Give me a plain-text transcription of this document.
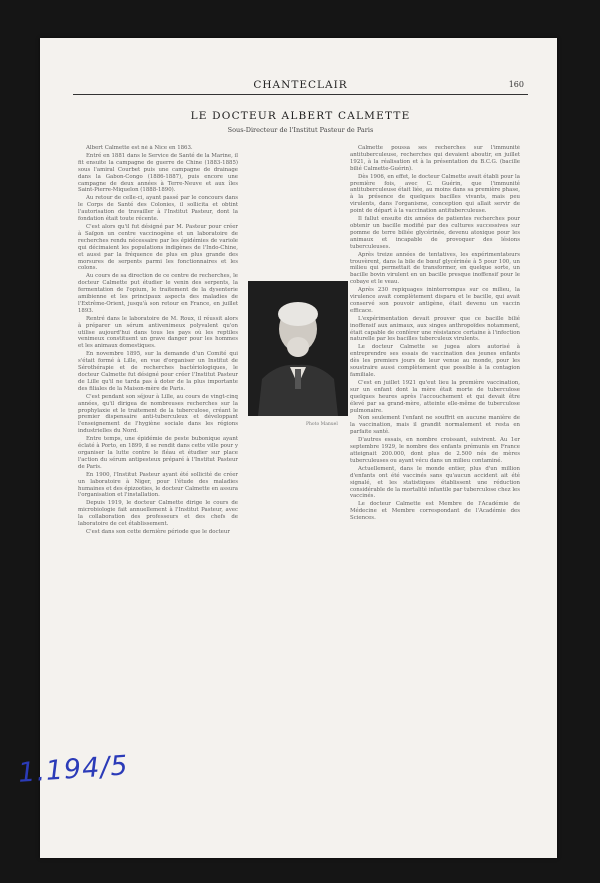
CHANTECLAIR	160
LE DOCTEUR ALBERT CALMETTE
Sous-Directeur de l'Institut Pasteur de Paris

Albert Calmette est né à Nice en 1863.

Entré en 1881 dans le Service de Santé de la Marine, il fit ensuite la campagne de guerre de Chine (1883-1885) sous l'amiral Courbet puis une campagne de drainage dans la Gabon-Congo (1886-1887), puis encore une campagne de deux années à Terre-Neuve et aux îles Saint-Pierre-Miquelon (1888-1890).

Au retour de celle-ci, ayant passé par le concours dans le Corps de Santé des Colonies, il sollicita et obtint l'autorisation de travailler à l'Institut Pasteur, dont la fondation était toute récente.

C'est alors qu'il fut désigné par M. Pasteur pour créer à Saïgon un centre vaccinogène et un laboratoire de recherches rendu nécessaire par les épidémies de variole qui décimaient les populations indigènes de l'Indo-Chine, et aussi par la fréquence de plus en plus grande des morsures de serpents parmi les fonctionnaires et les colons.

Au cours de sa direction de ce centre de recherches, le docteur Calmette put étudier le venin des serpents, la fermentation de l'opium, le traitement de la dysenterie amibienne et les principaux aspects des maladies de l'Extrême-Orient, jusqu'à son retour en France, en juillet 1893.

Rentré dans le laboratoire de M. Roux, il réussit alors à préparer un sérum antivenimeux polyvalent qu'on utilise aujourd'hui dans tous les pays où les reptiles venimeux constituent un grave danger pour les hommes et les animaux domestiques.

En novembre 1895, sur la demande d'un Comité qui s'était formé à Lille, en vue d'organiser un Institut de Sérothérapie et de recherches bactériologiques, le docteur Calmette fut désigné pour créer l'Institut Pasteur de Lille qu'il ne tarda pas à doter de la plus importante des filiales de la Maison-mère de Paris.

C'est pendant son séjour à Lille, au cours de vingt-cinq années, qu'il dirigea de nombreuses recherches sur la prophylaxie et le traitement de la tuberculose, créant le premier dispensaire anti-tuberculeux et développant l'enseignement de l'hygiène sociale dans les régions industrielles du Nord.

Entre temps, une épidémie de peste bubonique ayant éclaté à Porto, en 1899, il se rendit dans cette ville pour y organiser la lutte contre le fléau et étudier sur place l'action du sérum antipesteux préparé à l'Institut Pasteur de Paris.

En 1900, l'Institut Pasteur ayant été sollicité de créer un laboratoire à Niger, pour l'étude des maladies humaines et des épizooties, le docteur Calmette en assura l'organisation et l'installation.

Depuis 1919, le docteur Calmette dirige le cours de microbiologie fait annuellement à l'Institut Pasteur, avec la collaboration des professeurs et des chefs de laboratoire de cet établissement.

C'est dans son cette dernière période que le docteur

Calmette poussa ses recherches sur l'immunité antituberculeuse, recherches qui devaient aboutir, en juillet 1921, à la réalisation et à la présentation du B.C.G. (bacille bilié Calmette-Guérin).

Dès 1906, en effet, le docteur Calmette avait établi pour la première fois, avec C. Guérin, que l'immunité antituberculeuse était liée, au moins dans sa première phase, à la présence de quelques bacilles vivants, mais peu virulents, dans l'organisme, conception qui allait servir de point de départ à la vaccination antituberculeuse.

Il fallut ensuite dix années de patientes recherches pour obtenir un bacille modifié par des cultures successives sur pomme de terre biliée glycérinée, devenu atoxique pour les animaux et incapable de provoquer des lésions tuberculeuses.

Après treize années de tentatives, les expérimentateurs trouvèrent, dans la bile de bœuf glycérinée à 5 pour 100, un milieu qui permettait de transformer, en quelque sorte, un bacille bovin virulent en un bacille presque inoffensif pour le cobaye et le veau.

Après 230 repiquages ininterrompus sur ce milieu, la virulence avait complètement disparu et le bacille, qui avait conservé son pouvoir antigène, était devenu un vaccin efficace.

L'expérimentation devait prouver que ce bacille bilié inoffensif aux animaux, aux singes anthropoïdes notamment, était capable de conférer une résistance certaine à l'infection naturelle par les bacilles tuberculeux virulents.

Le docteur Calmette se jugea alors autorisé à entreprendre ses essais de vaccination des jeunes enfants dès les premiers jours de leur venue au monde, pour les soustraire aussi complètement que possible à la contagion familiale.

C'est en juillet 1921 qu'eut lieu la première vaccination, sur un enfant dont la mère était morte de tuberculose quelques heures après l'accouchement et qui devait être élevé par sa grand-mère, atteinte elle-même de tuberculose pulmonaire.

Non seulement l'enfant ne souffrit en aucune manière de la vaccination, mais il grandit normalement et resta en parfaite santé.

D'autres essais, en nombre croissant, suivirent. Au 1er septembre 1929, le nombre des enfants prémunis en France atteignait 200.000, dont plus de 2.500 nés de mères tuberculeuses ou ayant vécu dans un milieu contaminé.

Actuellement, dans le monde entier, plus d'un million d'enfants ont été vaccinés sans qu'aucun accident ait été signalé, et les statistiques établissent une réduction considérable de la mortalité infantile par tuberculose chez les vaccinés.

Le docteur Calmette est Membre de l'Académie de Médecine et Membre correspondant de l'Académie des Sciences.

Photo Manuel
1.194/5
